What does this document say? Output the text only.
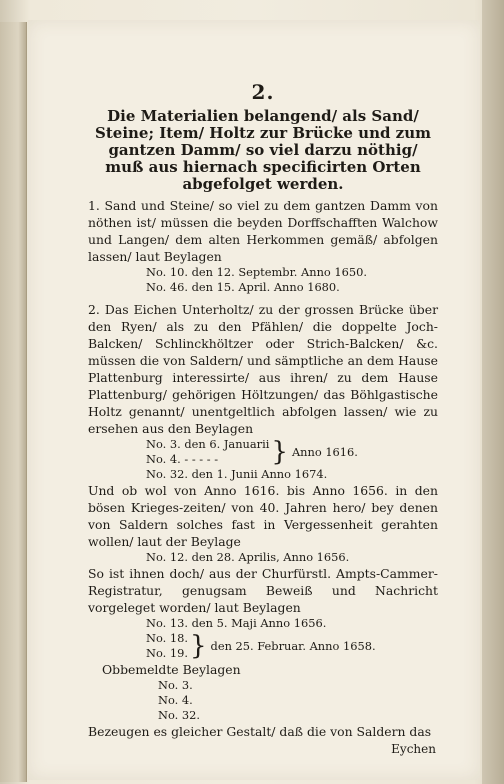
2.

Die Materialien belangend/ als Sand/ Steine; Item/ Holtz zur Brücke und zum gantzen Damm/ so viel darzu nöthig/ muß aus hiernach specificirten Orten abgefolget werden.

1. Sand und Steine/ so viel zu dem gantzen Damm von nöthen ist/ müssen die beyden Dorffschafften Walchow und Langen/ dem alten Herkommen gemäß/ abfolgen lassen/ laut Beylagen

No. 10. den 12. Septembr. Anno 1650.

No. 46. den 15. April. Anno 1680.

2. Das Eichen Unterholtz/ zu der grossen Brücke über den Ryen/ als zu den Pfählen/ die doppelte Joch-Balcken/ Schlinckhöltzer oder Strich-Balcken/ &c. müssen die von Saldern/ und sämptliche an dem Hause Plattenburg interessirte/ aus ihren/ zu dem Hause Plattenburg/ gehörigen Höltzungen/ das Böhlgastische Holtz genannt/ unentgeltlich abfolgen lassen/ wie zu ersehen aus den Beylagen

No. 3. den 6. Januarii
No. 4. - - - - -	} Anno 1616.

No. 32. den 1. Junii Anno 1674.

Und ob wol von Anno 1616. bis Anno 1656. in den bösen Krieges-zeiten/ von 40. Jahren hero/ bey denen von Saldern solches fast in Vergessenheit gerahten wollen/ laut der Beylage

No. 12. den 28. Aprilis, Anno 1656.

So ist ihnen doch/ aus der Churfürstl. Ampts-Cammer-Registratur, genugsam Beweiß und Nachricht vorgeleget worden/ laut Beylagen

No. 13. den 5. Maji Anno 1656.

No. 18.
No. 19. } den 25. Februar. Anno 1658.

Obbemeldte Beylagen

No. 3.

No. 4.

No. 32.

Bezeugen es gleicher Gestalt/ daß die von Saldern das

Eychen
